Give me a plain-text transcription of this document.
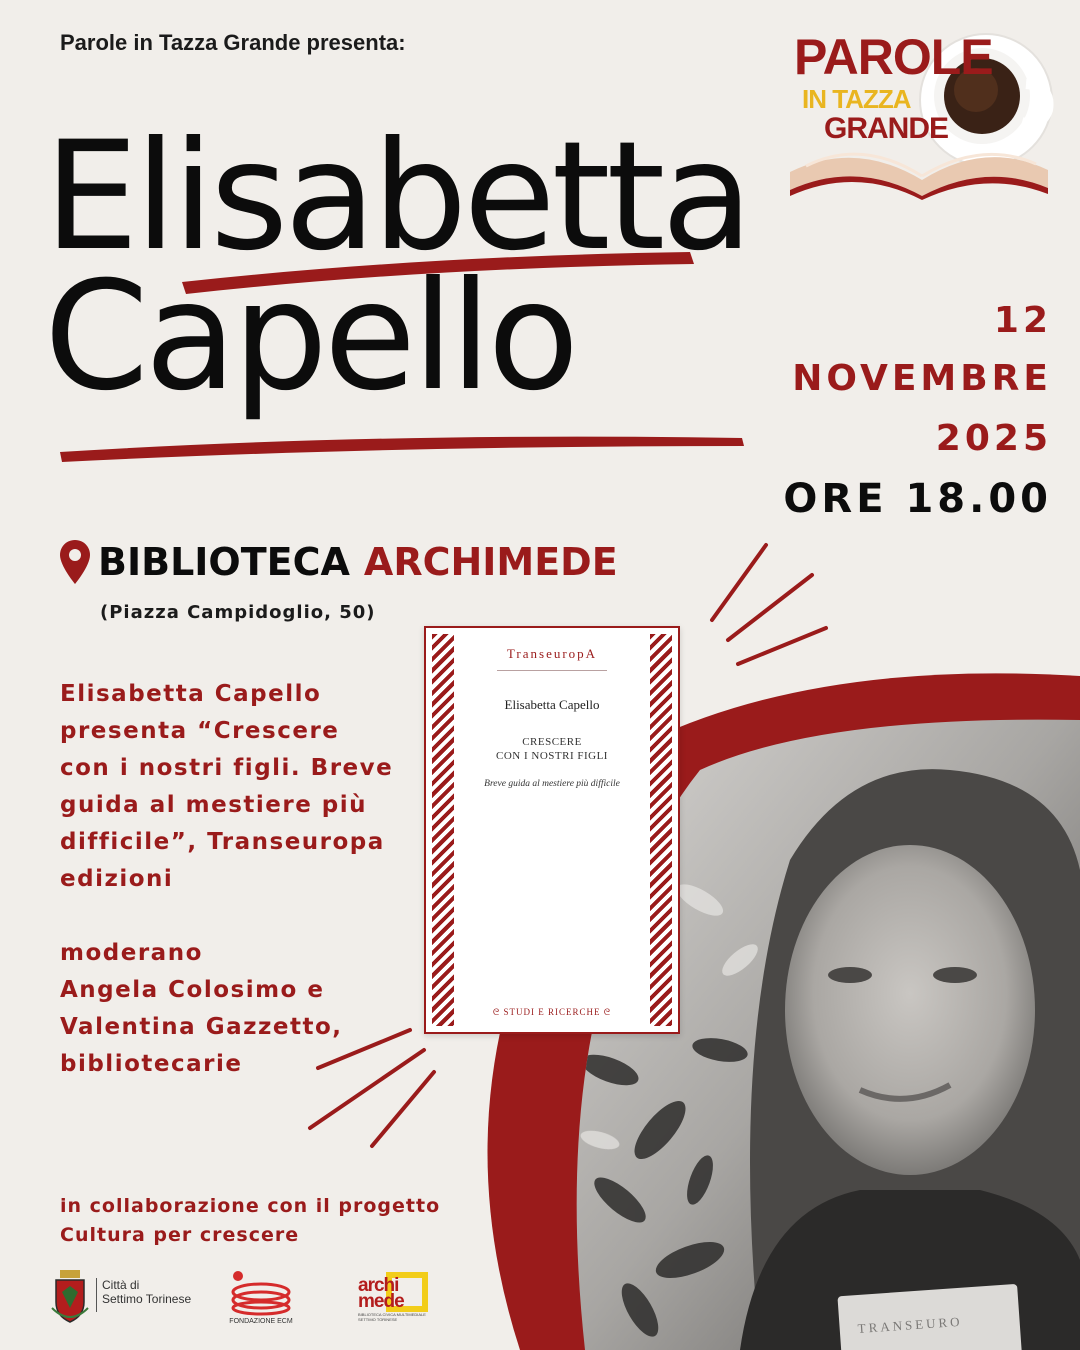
TRANSEURO
Parole in Tazza Grande presenta:	PAROLE
IN TAZZA
GRANDE
Elisabetta
Capello	12
NOVEMBRE
2025
ORE 18.00
BIBLIOTECA ARCHIMEDE
(Piazza Campidoglio, 50)

Elisabetta Capello

presenta “Crescere

con i nostri figli. Breve

guida al mestiere più

difficile”, Transeuropa

edizioni

moderano

Angela Colosimo e

Valentina Gazzetto,

bibliotecarie

TranseuropA
Elisabetta Capello
CRESCERE
CON I NOSTRI FIGLI
Breve guida al mestiere più difficile
ᘓ STUDI E RICERCHE ᘓ

in collaborazione con il progetto

Cultura per crescere

Città di
Settimo Torinese
FONDAZIONE ECM
archi
mede
BIBLIOTECA CIVICA MULTIMEDIALE SETTIMO TORINESE
